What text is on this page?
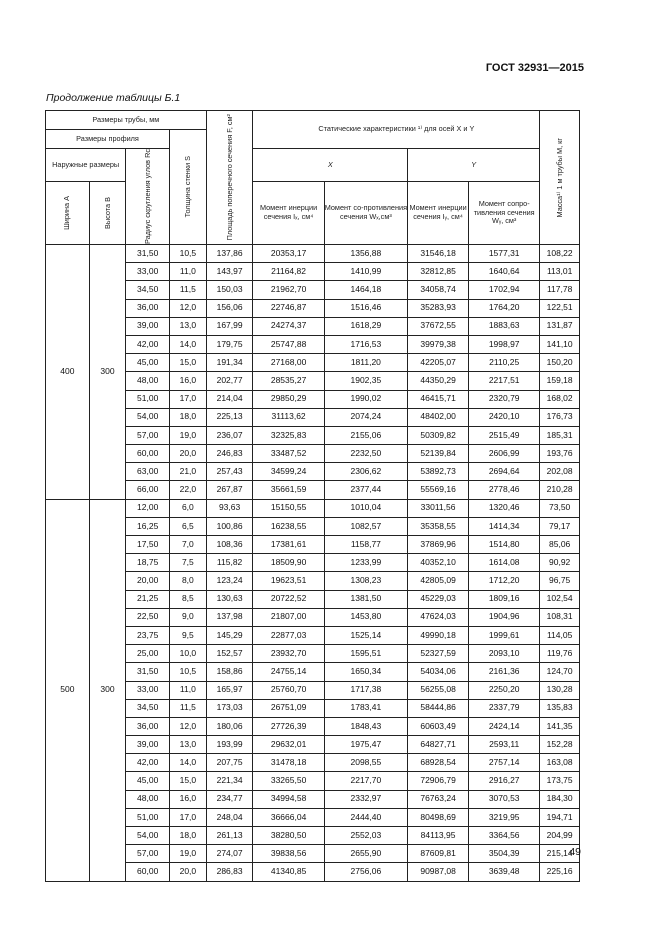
ГОСТ 32931—2015
Продолжение таблицы Б.1
Размеры трубы, мм				Площадь поперечного сечения F, см²	Статические характеристики ¹⁾ для осей X и Y				Масса¹⁾ 1 м трубы M, кг

Размеры профиля			Толщина стенки S						

Наружные размеры		Радиус скругления углов Rc			X		Y		

Ширина A	Высота B				Момент инерции сечения Iₓ, см⁴	Момент со-противления сечения Wₓ,см³	Момент инерции сечения Iᵧ, см⁴	Момент сопро-тивления сечения Wᵧ, см³	
400	300	31,50	10,5	137,86	20353,17	1356,88	31546,18	1577,31	108,22
		33,00	11,0	143,97	21164,82	1410,99	32812,85	1640,64	113,01
		34,50	11,5	150,03	21962,70	1464,18	34058,74	1702,94	117,78
		36,00	12,0	156,06	22746,87	1516,46	35283,93	1764,20	122,51
		39,00	13,0	167,99	24274,37	1618,29	37672,55	1883,63	131,87
		42,00	14,0	179,75	25747,88	1716,53	39979,38	1998,97	141,10
		45,00	15,0	191,34	27168,00	1811,20	42205,07	2110,25	150,20
		48,00	16,0	202,77	28535,27	1902,35	44350,29	2217,51	159,18
		51,00	17,0	214,04	29850,29	1990,02	46415,71	2320,79	168,02
		54,00	18,0	225,13	31113,62	2074,24	48402,00	2420,10	176,73
		57,00	19,0	236,07	32325,83	2155,06	50309,82	2515,49	185,31
		60,00	20,0	246,83	33487,52	2232,50	52139,84	2606,99	193,76
		63,00	21,0	257,43	34599,24	2306,62	53892,73	2694,64	202,08
		66,00	22,0	267,87	35661,59	2377,44	55569,16	2778,46	210,28
500	300	12,00	6,0	93,63	15150,55	1010,04	33011,56	1320,46	73,50
		16,25	6,5	100,86	16238,55	1082,57	35358,55	1414,34	79,17
		17,50	7,0	108,36	17381,61	1158,77	37869,96	1514,80	85,06
		18,75	7,5	115,82	18509,90	1233,99	40352,10	1614,08	90,92
		20,00	8,0	123,24	19623,51	1308,23	42805,09	1712,20	96,75
		21,25	8,5	130,63	20722,52	1381,50	45229,03	1809,16	102,54
		22,50	9,0	137,98	21807,00	1453,80	47624,03	1904,96	108,31
		23,75	9,5	145,29	22877,03	1525,14	49990,18	1999,61	114,05
		25,00	10,0	152,57	23932,70	1595,51	52327,59	2093,10	119,76
		31,50	10,5	158,86	24755,14	1650,34	54034,06	2161,36	124,70
		33,00	11,0	165,97	25760,70	1717,38	56255,08	2250,20	130,28
		34,50	11,5	173,03	26751,09	1783,41	58444,86	2337,79	135,83
		36,00	12,0	180,06	27726,39	1848,43	60603,49	2424,14	141,35
		39,00	13,0	193,99	29632,01	1975,47	64827,71	2593,11	152,28
		42,00	14,0	207,75	31478,18	2098,55	68928,54	2757,14	163,08
		45,00	15,0	221,34	33265,50	2217,70	72906,79	2916,27	173,75
		48,00	16,0	234,77	34994,58	2332,97	76763,24	3070,53	184,30
		51,00	17,0	248,04	36666,04	2444,40	80498,69	3219,95	194,71
		54,00	18,0	261,13	38280,50	2552,03	84113,95	3364,56	204,99
		57,00	19,0	274,07	39838,56	2655,90	87609,81	3504,39	215,14
		60,00	20,0	286,83	41340,85	2756,06	90987,08	3639,48	225,16
49
